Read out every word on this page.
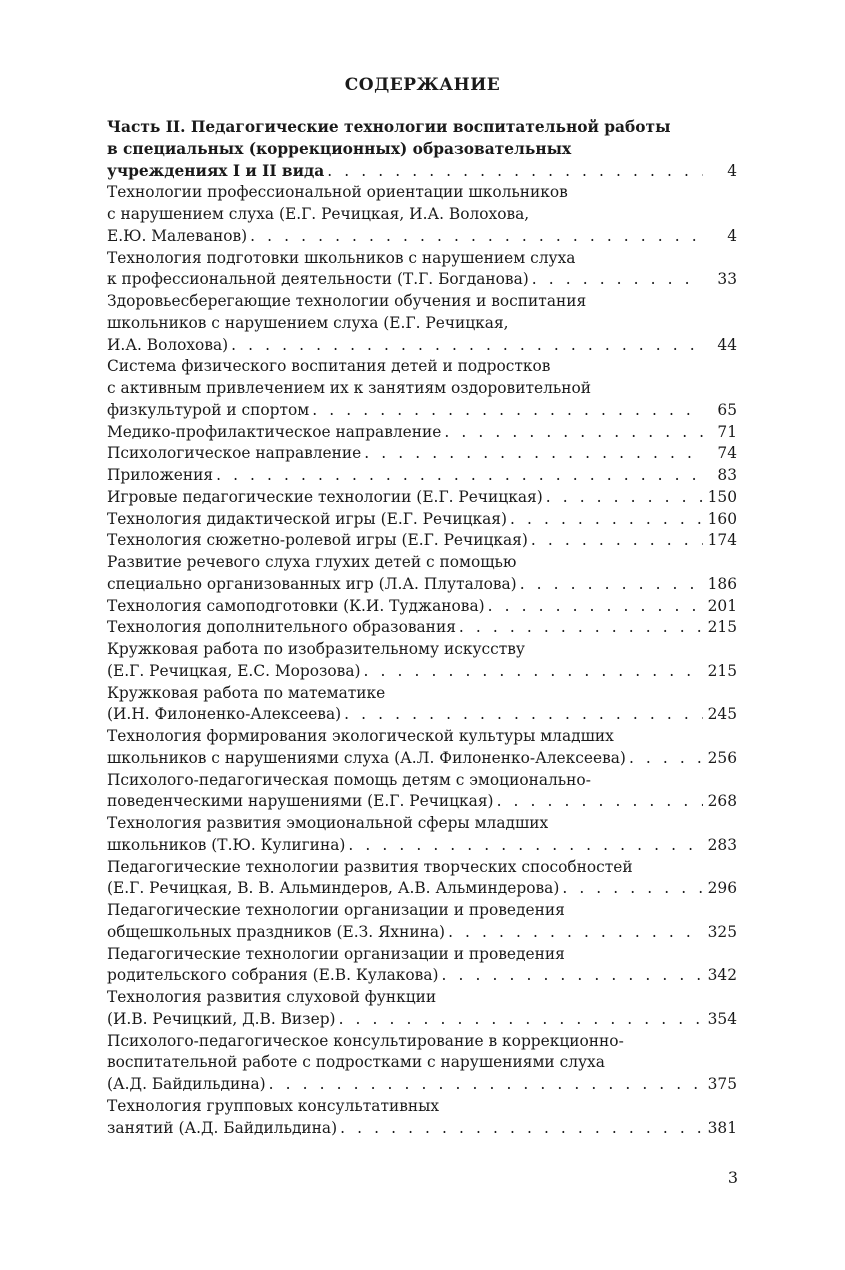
СОДЕРЖАНИЕ
Часть II. Педагогические технологии воспитательной работы
в специальных (коррекционных) образовательных
учреждениях I и II вида . . .	4
Технологии профессиональной ориентации школьников
с нарушением слуха (Е.Г. Речицкая, И.А. Волохова,
Е.Ю. Малеванов) . . .	4
Технология подготовки школьников с нарушением слуха
к профессиональной деятельности (Т.Г. Богданова) . . .	33
Здоровьесберегающие технологии обучения и воспитания
школьников с нарушением слуха (Е.Г. Речицкая,
И.А. Волохова) . . .	44
Система физического воспитания детей и подростков
с активным привлечением их к занятиям оздоровительной
физкультурой и спортом . . .	65
Медико-профилактическое направление . . .	71
Психологическое направление . . .	74
Приложения . . .	83
Игровые педагогические технологии (Е.Г. Речицкая) . . .	150
Технология дидактической игры (Е.Г. Речицкая) . . .	160
Технология сюжетно-ролевой игры (Е.Г. Речицкая) . . .	174
Развитие речевого слуха глухих детей с помощью
специально организованных игр (Л.А. Плуталова) . . .	186
Технология самоподготовки (К.И. Туджанова) . . .	201
Технология дополнительного образования . . .	215
Кружковая работа по изобразительному искусству
(Е.Г. Речицкая, Е.С. Морозова) . . .	215
Кружковая работа по математике
(И.Н. Филоненко-Алексеева) . . .	245
Технология формирования экологической культуры младших
школьников с нарушениями слуха (А.Л. Филоненко-Алексеева) . . .	256
Психолого-педагогическая помощь детям с эмоционально-
поведенческими нарушениями (Е.Г. Речицкая) . . .	268
Технология развития эмоциональной сферы младших
школьников (Т.Ю. Кулигина) . . .	283
Педагогические технологии развития творческих способностей
(Е.Г. Речицкая, В. В. Альминдеров, А.В. Альминдерова) . . .	296
Педагогические технологии организации и проведения
общешкольных праздников (Е.З. Яхнина) . . .	325
Педагогические технологии организации и проведения
родительского собрания (Е.В. Кулакова) . . .	342
Технология развития слуховой функции
(И.В. Речицкий, Д.В. Визер) . . .	354
Психолого-педагогическое консультирование в коррекционно-
воспитательной работе с подростками с нарушениями слуха
(А.Д. Байдильдина) . . .	375
Технология групповых консультативных
занятий (А.Д. Байдильдина) . . .	381
3
